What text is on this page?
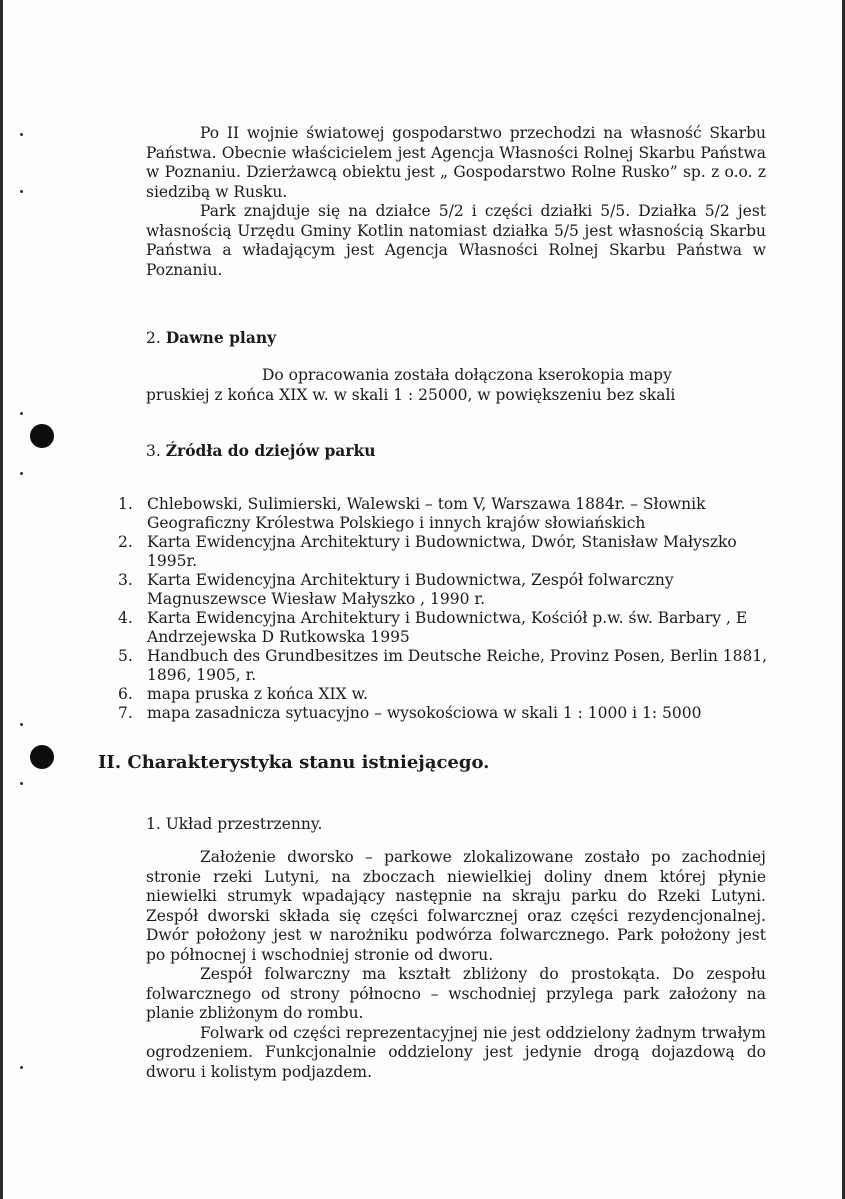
Po II wojnie światowej gospodarstwo przechodzi na własność Skarbu Państwa. Obecnie właścicielem jest Agencja Własności Rolnej Skarbu Państwa w Poznaniu. Dzierżawcą obiektu jest „ Gospodarstwo Rolne Rusko” sp. z o.o. z siedzibą w Rusku.

Park znajduje się na działce 5/2 i części działki 5/5. Działka 5/2 jest własnością Urzędu Gminy Kotlin natomiast działka 5/5 jest własnością Skarbu Państwa a władającym jest Agencja Własności Rolnej Skarbu Państwa w Poznaniu.

2. Dawne plany

Do opracowania została dołączona kserokopia mapy pruskiej z końca XIX w. w skali 1 : 25000, w powiększeniu bez skali

3. Źródła do dziejów parku
1. Chlebowski, Sulimierski, Walewski – tom V, Warszawa 1884r. – Słownik Geograficzny Królestwa Polskiego i innych krajów słowiańskich
2. Karta Ewidencyjna Architektury i Budownictwa, Dwór, Stanisław Małyszko 1995r.
3. Karta Ewidencyjna Architektury i Budownictwa, Zespół folwarczny Magnuszewsce Wiesław Małyszko , 1990 r.
4. Karta Ewidencyjna Architektury i Budownictwa, Kościół p.w. św. Barbary , E Andrzejewska D Rutkowska 1995
5. Handbuch des Grundbesitzes im Deutsche Reiche, Provinz Posen, Berlin 1881, 1896, 1905, r.
6. mapa pruska z końca XIX w.
7. mapa zasadnicza sytuacyjno – wysokościowa w skali 1 : 1000 i 1: 5000
II. Charakterystyka stanu istniejącego.
1. Układ przestrzenny.

Założenie dworsko – parkowe zlokalizowane zostało po zachodniej stronie rzeki Lutyni, na zboczach niewielkiej doliny dnem której płynie niewielki strumyk wpadający następnie na skraju parku do Rzeki Lutyni. Zespół dworski składa się części folwarcznej oraz części rezydencjonalnej. Dwór położony jest w narożniku podwórza folwarcznego. Park położony jest po północnej i wschodniej stronie od dworu.

Zespół folwarczny ma kształt zbliżony do prostokąta. Do zespołu folwarcznego od strony północno – wschodniej przylega park założony na planie zbliżonym do rombu.

Folwark od części reprezentacyjnej nie jest oddzielony żadnym trwałym ogrodzeniem. Funkcjonalnie oddzielony jest jedynie drogą dojazdową do dworu i kolistym podjazdem.
